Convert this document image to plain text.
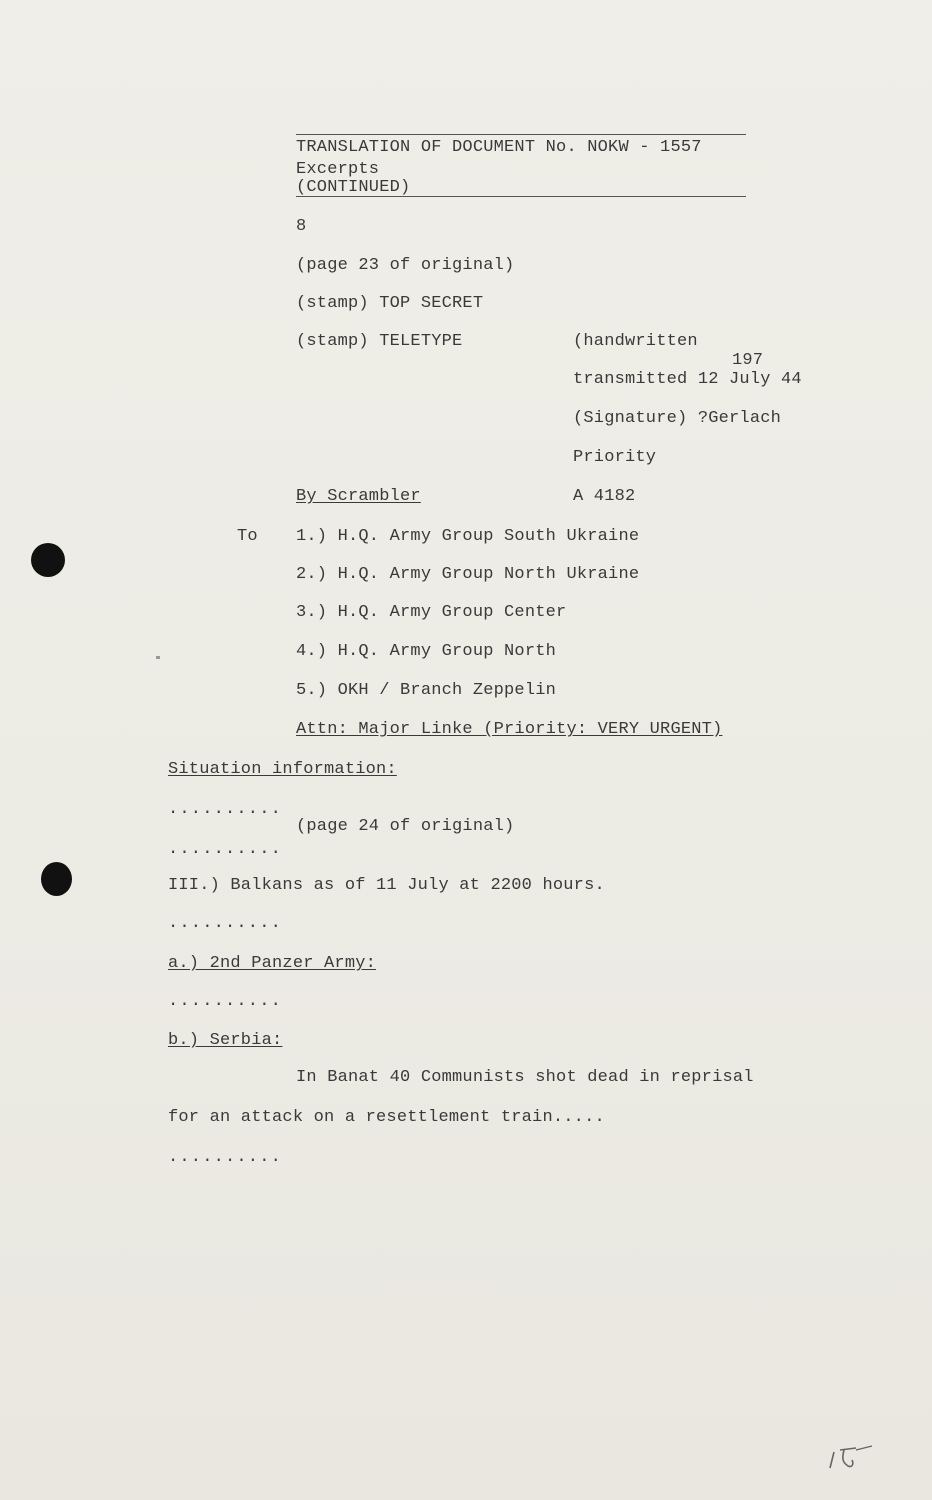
TRANSLATION OF DOCUMENT No. NOKW - 1557
Excerpts
(CONTINUED)
8
(page 23 of original)
(stamp) TOP SECRET
(stamp) TELETYPE	(handwritten
197
transmitted 12 July 44
(Signature) ?Gerlach
Priority
By Scrambler	A 4182
To 1.) H.Q. Army Group South Ukraine
2.) H.Q. Army Group North Ukraine
3.) H.Q. Army Group Center
4.) H.Q. Army Group North
5.) OKH / Branch Zeppelin
Attn: Major Linke (Priority: VERY URGENT)
Situation information:
..........
(page 24 of original)
..........
III.) Balkans as of 11 July at 2200 hours.
..........
a.) 2nd Panzer Army:
..........
b.) Serbia:
In Banat 40 Communists shot dead in reprisal
for an attack on a resettlement train.....
..........
